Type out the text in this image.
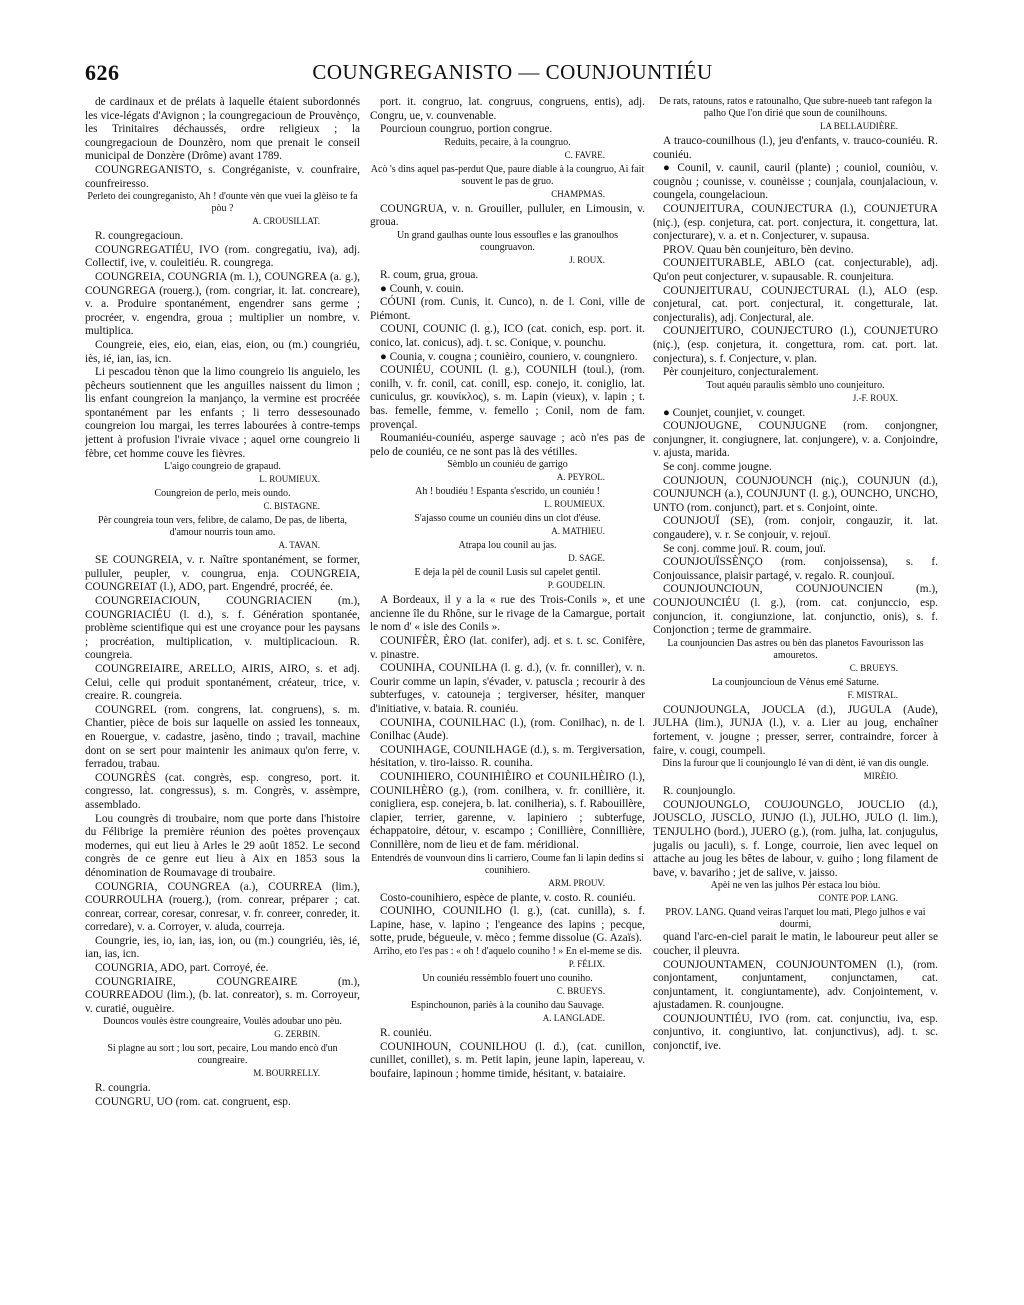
626	COUNGREGANISTO — COUNJOUNTIÉU

de cardinaux et de prélats à laquelle étaient subordonnés les vice-légats d'Avignon ; la coungregacioun de Prouvènço, les Trinitaires déchaussés, ordre religieux ; la coungregacioun de Dounzèro, nom que prenait le conseil municipal de Donzère (Drôme) avant 1789.

COUNGREGANISTO, s. Congréganiste, v. counfraire, counfreiresso.

Perleto dei coungreganisto, Ah ! d'ounte vèn que vuei la glèiso te fa pòu ?

A. CROUSILLAT.

R. coungregacioun.

COUNGREGATIÉU, IVO (rom. congregatiu, iva), adj. Collectif, ive, v. couleitiéu. R. coungrega.

COUNGREIA, COUNGRIA (m. l.), COUNGREA (a. g.), COUNGREGA (rouerg.), (rom. congriar, it. lat. concreare), v. a. Produire spontanément, engendrer sans germe ; procréer, v. engendra, groua ; multiplier un nombre, v. multiplica.

Coungreie, eies, eio, eian, eias, eion, ou (m.) coungriéu, iès, ié, ian, ias, icn.

Li pescadou tènon que la limo coungreio lis anguielo, les pêcheurs soutiennent que les anguilles naissent du limon ; lis enfant coungreion la manjanço, la vermine est procréée spontanément par les enfants ; li terro dessesounado coungreion lou margai, les terres labourées à contre-temps jettent à profusion l'ivraie vivace ; aquel orne coungreio li fèbre, cet homme couve les fièvres.

L'aigo coungreio de grapaud.

L. ROUMIEUX.

Coungreion de perlo, meis oundo.

C. BISTAGNE.

Pèr coungreia toun vers, felibre, de calamo, De pas, de liberta, d'amour nourris toun amo.

A. TAVAN.

SE COUNGREIA, v. r. Naître spontanément, se former, pulluler, peupler, v. coungrua, enja. COUNGREIA, COUNGREIAT (l.), ADO, part. Engendré, procréé, ée.

COUNGREIACIOUN, COUNGRIACIEN (m.), COUNGRIACIÉU (l. d.), s. f. Génération spontanée, problème scientifique qui est une croyance pour les paysans ; procréation, multiplication, v. multiplicacioun. R. coungreia.

COUNGREIAIRE, ARELLO, AIRIS, AIRO, s. et adj. Celui, celle qui produit spontanément, créateur, trice, v. creaire. R. coungreia.

COUNGREL (rom. congrens, lat. congruens), s. m. Chantier, pièce de bois sur laquelle on assied les tonneaux, en Rouergue, v. cadastre, jasèno, tindo ; travail, machine dont on se sert pour maintenir les animaux qu'on ferre, v. ferradou, trabau.

COUNGRÈS (cat. congrès, esp. congreso, port. it. congresso, lat. congressus), s. m. Congrès, v. assèmpre, assemblado.

Lou coungrès di troubaire, nom que porte dans l'histoire du Félibrige la première réunion des poètes provençaux modernes, qui eut lieu à Arles le 29 août 1852. Le second congrès de ce genre eut lieu à Aix en 1853 sous la dénomination de Roumavage di troubaire.

COUNGRIA, COUNGREA (a.), COURREA (lim.), COURROULHA (rouerg.), (rom. conrear, préparer ; cat. conrear, correar, coresar, conresar, v. fr. conreer, conreder, it. corredare), v. a. Corroyer, v. aluda, courreja.

Coungrie, ies, io, ian, ias, ion, ou (m.) coungriéu, iès, ié, ian, ias, icn.

COUNGRIA, ADO, part. Corroyé, ée.

COUNGRIAIRE, COUNGREAIRE (m.), COURREADOU (lim.), (b. lat. conreator), s. m. Corroyeur, v. curatié, ouguèire.

Douncos voulès èstre coungreaire, Voulès adoubar uno pèu.

G. ZERBIN.

Si plagne au sort ; lou sort, pecaire, Lou mando encò d'un coungreaire.

M. BOURRELLY.

R. coungria.

COUNGRU, UO (rom. cat. congruent, esp.

port. it. congruo, lat. congruus, congruens, entis), adj. Congru, ue, v. counvenable.

Pourcioun coungruo, portion congrue.

Reduits, pecaire, à la coungruo.

C. FAVRE.

Acò 's dins aquel pas-perdut Que, paure diable à la coungruo, Ai fait souvent le pas de gruo.

CHAMPMAS.

COUNGRUA, v. n. Grouiller, pulluler, en Limousin, v. groua.

Un grand gaulhas ounte lous essoufles e las granoulhos coungruavon.

J. ROUX.

R. coum, grua, groua.

● Counh, v. couin.

CÓUNI (rom. Cunis, it. Cunco), n. de l. Coni, ville de Piémont.

COUNI, COUNIC (l. g.), ICO (cat. conich, esp. port. it. conico, lat. conicus), adj. t. sc. Conique, v. pounchu.

● Counia, v. cougna ; counièiro, couniero, v. coungniero.

COUNIÉU, COUNIL (l. g.), COUNILH (toul.), (rom. conilh, v. fr. conil, cat. conill, esp. conejo, it. coniglio, lat. cuniculus, gr. κουνίκλος), s. m. Lapin (vieux), v. lapin ; t. bas. femelle, femme, v. femello ; Conil, nom de fam. provençal.

Roumaniéu-couniéu, asperge sauvage ; acò n'es pas de pelo de couniéu, ce ne sont pas là des vétilles.

Sèmblo un couniéu de garrigo

A. PEYROL.

Ah ! boudiéu ! Espanta s'escrido, un couniéu !

L. ROUMIEUX.

S'ajasso coume un couniéu dins un clot d'éuse.

A. MATHIEU.

Atrapa lou counil au jas.

D. SAGE.

E deja la pèl de counil Lusis sul capelet gentil.

P. GOUDELIN.

A Bordeaux, il y a la « rue des Trois-Conils », et une ancienne île du Rhône, sur le rivage de la Camargue, portait le nom d' « isle des Conils ».

COUNIFÈR, ÈRO (lat. conifer), adj. et s. t. sc. Conifère, v. pinastre.

COUNIHA, COUNILHA (l. g. d.), (v. fr. conniller), v. n. Courir comme un lapin, s'évader, v. patuscla ; recourir à des subterfuges, v. catouneja ; tergiverser, hésiter, manquer d'initiative, v. bataia. R. couniéu.

COUNIHA, COUNILHAC (l.), (rom. Conilhac), n. de l. Conilhac (Aude).

COUNIHAGE, COUNILHAGE (d.), s. m. Tergiversation, hésitation, v. tiro-laisso. R. couniha.

COUNIHIERO, COUNIHIÈIRO et COUNILHÈIRO (l.), COUNILHÈRO (g.), (rom. conilhera, v. fr. conillière, it. conigliera, esp. conejera, b. lat. conilheria), s. f. Rabouillère, clapier, terrier, garenne, v. lapiniero ; subterfuge, échappatoire, détour, v. escampo ; Conillière, Connillière, Connillère, nom de lieu et de fam. méridional.

Entendrés de vounvoun dins li carriero, Coume fan li lapin dedins si counihiero.

ARM. PROUV.

Costo-counihiero, espèce de plante, v. costo. R. couniéu.

COUNIHO, COUNILHO (l. g.), (cat. cunilla), s. f. Lapine, hase, v. lapino ; l'engeance des lapins ; pecque, sotte, prude, bégueule, v. mèco ; femme dissolue (G. Azaïs).

Arriho, eto l'es pas : « oh ! d'aquelo couniho ! » En el-meme se dis.

P. FÉLIX.

Un couniéu ressèmblo fouert uno couniho.

C. BRUEYS.

Espinchounon, pariès à la couniho dau Sauvage.

A. LANGLADE.

R. couniéu.

COUNIHOUN, COUNILHOU (l. d.), (cat. cunillon, cunillet, conillet), s. m. Petit lapin, jeune lapin, lapereau, v. boufaire, lapinoun ; homme timide, hésitant, v. bataiaire.

De rats, ratouns, ratos e ratounalho, Que subre-nueeb tant rafegon la palho Que l'on dirié que soun de counilhouns.

LA BELLAUDIÈRE.

A trauco-counilhous (l.), jeu d'enfants, v. trauco-couniéu. R. couniéu.

● Counil, v. caunil, cauril (plante) ; couniol, couniòu, v. cougnòu ; counisse, v. counèisse ; counjala, counjalacioun, v. coungela, coungelacioun.

COUNJEITURA, COUNJECTURA (l.), COUNJETURA (niç.), (esp. conjetura, cat. port. conjectura, it. congettura, lat. conjecturare), v. a. et n. Conjecturer, v. supausa.

PROV. Quau bèn counjeituro, bèn devino.

COUNJEITURABLE, ABLO (cat. conjecturable), adj. Qu'on peut conjecturer, v. supausable. R. counjeitura.

COUNJEITURAU, COUNJECTURAL (l.), ALO (esp. conjetural, cat. port. conjectural, it. congetturale, lat. conjecturalis), adj. Conjectural, ale.

COUNJEITURO, COUNJECTURO (l.), COUNJETURO (niç.), (esp. conjetura, it. congettura, rom. cat. port. lat. conjectura), s. f. Conjecture, v. plan.

Pèr counjeituro, conjecturalement.

Tout aquéu paraulis sèmblo uno counjeituro.

J.-F. ROUX.

● Counjet, counjiet, v. counget.

COUNJOUGNE, COUNJUGNE (rom. conjongner, conjungner, it. congiugnere, lat. conjungere), v. a. Conjoindre, v. ajusta, marida.

Se conj. comme jougne.

COUNJOUN, COUNJOUNCH (niç.), COUNJUN (d.), COUNJUNCH (a.), COUNJUNT (l. g.), OUNCHO, UNCHO, UNTO (rom. conjunct), part. et s. Conjoint, ointe.

COUNJOUÏ (SE), (rom. conjoir, congauzir, it. lat. congaudere), v. r. Se conjouir, v. rejouï.

Se conj. comme jouï. R. coum, jouï.

COUNJOUÏSSÈNÇO (rom. conjoissensa), s. f. Conjouissance, plaisir partagé, v. regalo. R. counjouï.

COUNJOUNCIOUN, COUNJOUNCIEN (m.), COUNJOUNCIÉU (l. g.), (rom. cat. conjunccio, esp. conjuncion, it. congiunzione, lat. conjunctio, onis), s. f. Conjonction ; terme de grammaire.

La counjouncien Das astres ou bèn das planetos Favourisson las amouretos.

C. BRUEYS.

La counjouncioun de Vènus emé Saturne.

F. MISTRAL.

COUNJOUNGLA, JOUCLA (d.), JUGULA (Aude), JULHA (lim.), JUNJA (l.), v. a. Lier au joug, enchaîner fortement, v. jougne ; presser, serrer, contraindre, forcer à faire, v. cougi, coumpeli.

Dins la furour que li counjounglo Ié van di dènt, ié van dis oungle.

MIRÈIO.

R. counjounglo.

COUNJOUNGLO, COUJOUNGLO, JOUCLIO (d.), JOUSCLO, JUSCLO, JUNJO (l.), JULHO, JULO (l. lim.), TENJULHO (bord.), JUERO (g.), (rom. julha, lat. conjugulus, jugalis ou jaculi), s. f. Longe, courroie, lien avec lequel on attache au joug les bêtes de labour, v. guiho ; long filament de bave, v. bavariho ; jet de salive, v. jaisso.

Apèi ne ven las julhos Pèr estaca lou biòu.

CONTE POP. LANG.

PROV. LANG. Quand veiras l'arquet lou mati, Plego julhos e vai dourmi,

quand l'arc-en-ciel parait le matin, le laboureur peut aller se coucher, il pleuvra.

COUNJOUNTAMEN, COUNJOUNTOMEN (l.), (rom. conjontament, conjuntament, conjunctamen, cat. conjuntament, it. congiuntamente), adv. Conjointement, v. ajustadamen. R. counjougne.

COUNJOUNTIÉU, IVO (rom. cat. conjunctiu, iva, esp. conjuntivo, it. congiuntivo, lat. conjunctivus), adj. t. sc. conjonctif, ive.
